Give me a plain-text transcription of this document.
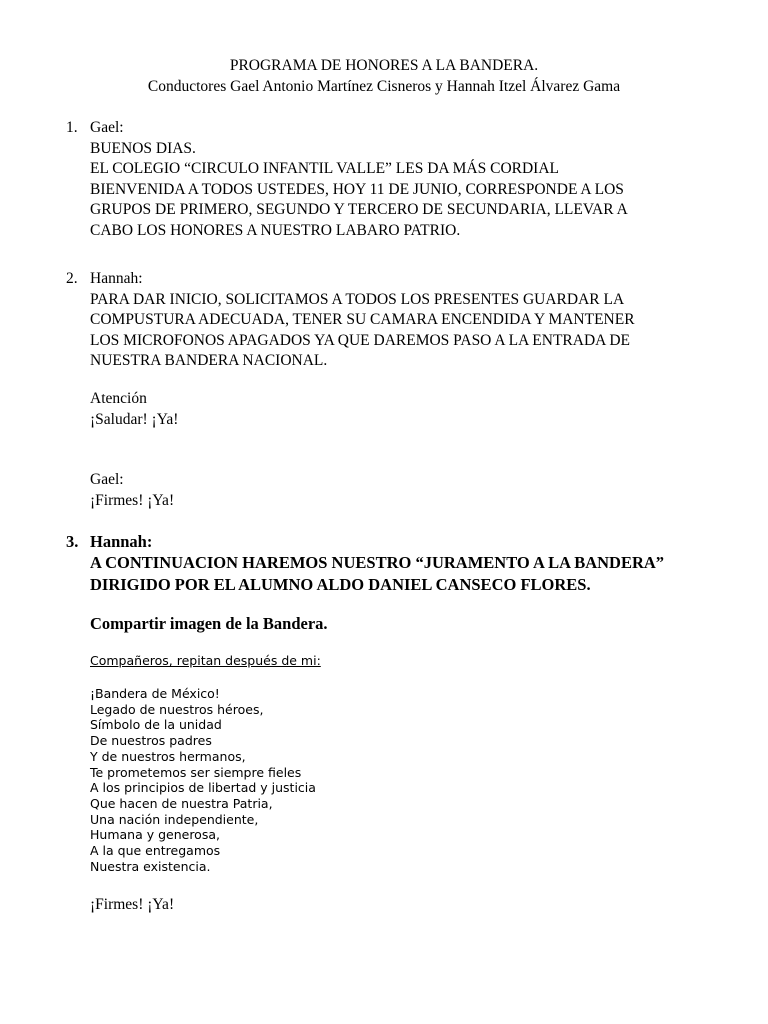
PROGRAMA DE HONORES A LA BANDERA.
Conductores Gael Antonio Martínez Cisneros y Hannah Itzel Álvarez Gama
1. Gael:
BUENOS DIAS.
EL COLEGIO “CIRCULO INFANTIL VALLE” LES DA MÁS CORDIAL
BIENVENIDA A TODOS USTEDES, HOY 11 DE JUNIO, CORRESPONDE A LOS
GRUPOS DE PRIMERO, SEGUNDO Y TERCERO DE SECUNDARIA, LLEVAR A
CABO LOS HONORES A NUESTRO LABARO PATRIO.
2. Hannah:
PARA DAR INICIO, SOLICITAMOS A TODOS LOS PRESENTES GUARDAR LA
COMPUSTURA ADECUADA, TENER SU CAMARA ENCENDIDA Y MANTENER
LOS MICROFONOS APAGADOS YA QUE DAREMOS PASO A LA ENTRADA DE
NUESTRA BANDERA NACIONAL.
Atención
¡Saludar! ¡Ya!
Gael:
¡Firmes! ¡Ya!
3. Hannah:
A CONTINUACION HAREMOS NUESTRO “JURAMENTO A LA BANDERA”
DIRIGIDO POR EL ALUMNO ALDO DANIEL CANSECO FLORES.
Compartir imagen de la Bandera.
Compañeros, repitan después de mi:
¡Bandera de México!
Legado de nuestros héroes,
Símbolo de la unidad
De nuestros padres
Y de nuestros hermanos,
Te prometemos ser siempre fieles
A los principios de libertad y justicia
Que hacen de nuestra Patria,
Una nación independiente,
Humana y generosa,
A la que entregamos
Nuestra existencia.
¡Firmes! ¡Ya!
